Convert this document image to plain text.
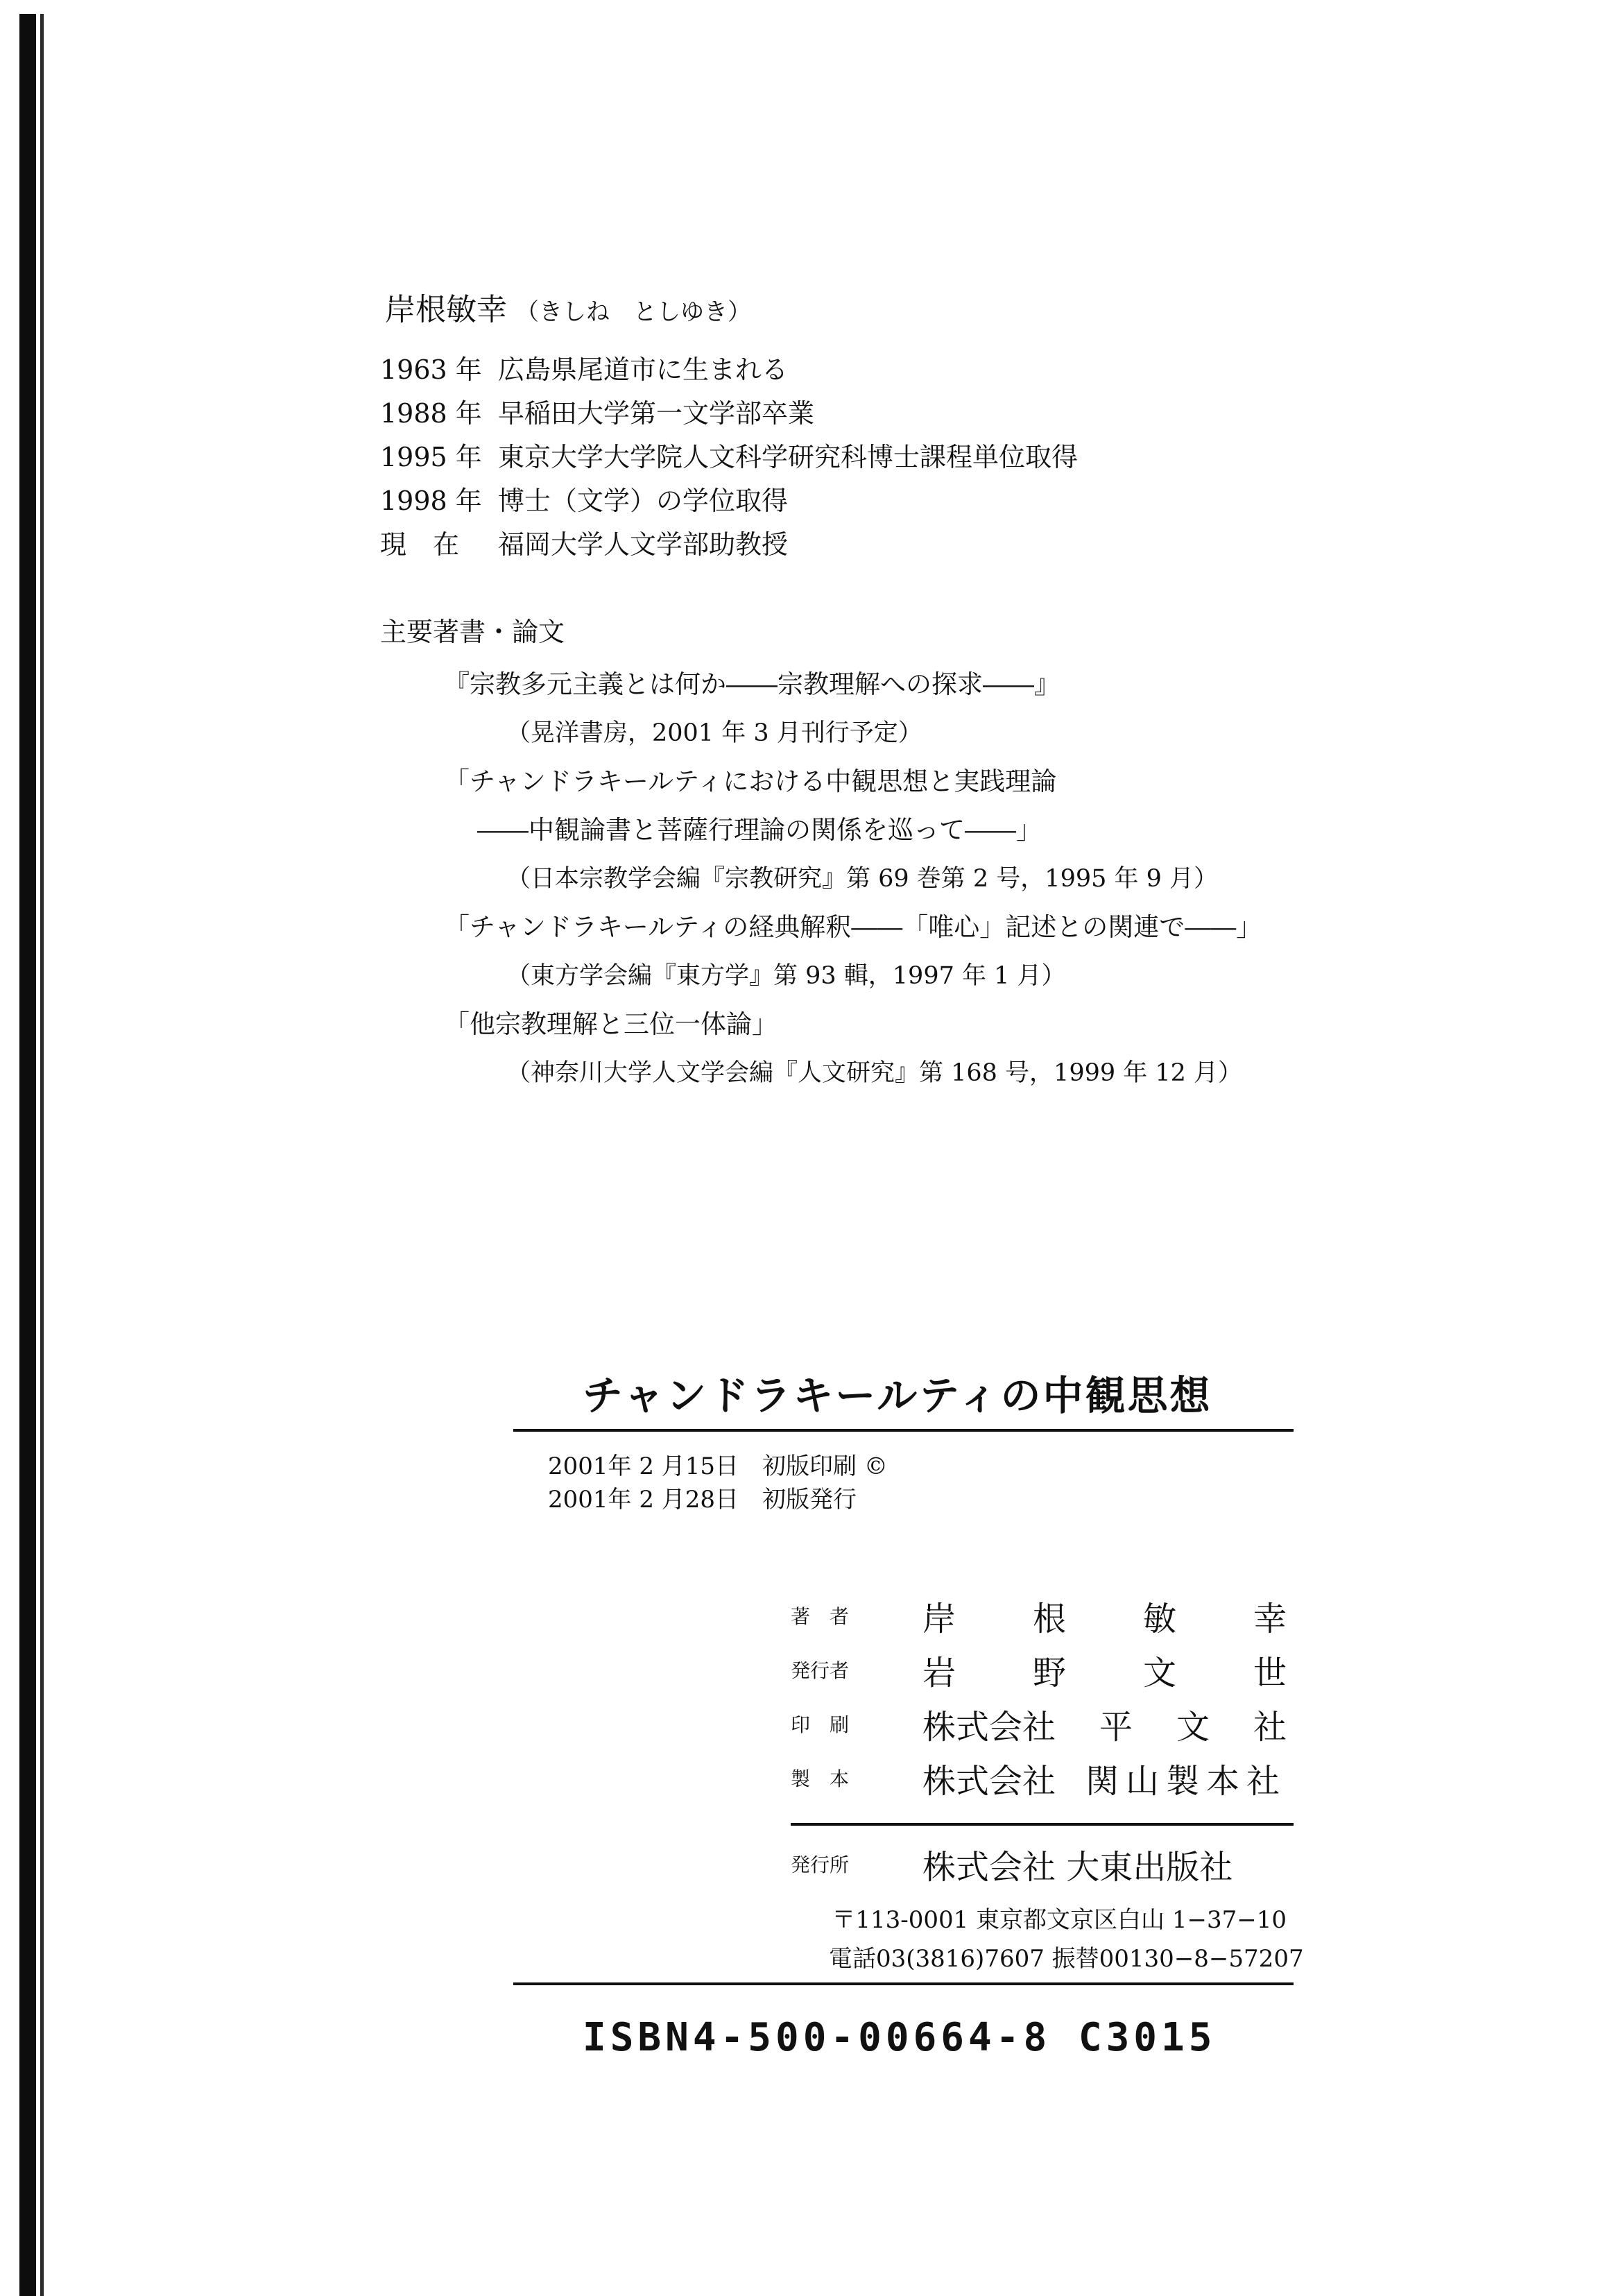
岸根敏幸 （きしね　としゆき）
1963 年 広島県尾道市に生まれる
1988 年 早稲田大学第一文学部卒業
1995 年 東京大学大学院人文科学研究科博士課程単位取得
1998 年 博士（文学）の学位取得
現　在	福岡大学人文学部助教授
主要著書・論文
『宗教多元主義とは何か――宗教理解への探求――』
（晃洋書房，2001 年 3 月刊行予定）
「チャンドラキールティにおける中観思想と実践理論
――中観論書と菩薩行理論の関係を巡って――」
（日本宗教学会編『宗教研究』第 69 巻第 2 号，1995 年 9 月）
「チャンドラキールティの経典解釈――「唯心」記述との関連で――」
（東方学会編『東方学』第 93 輯，1997 年 1 月）
「他宗教理解と三位一体論」
（神奈川大学人文学会編『人文研究』第 168 号，1999 年 12 月）
チャンドラキールティの中観思想
2001年 2 月15日　初版印刷 ©
2001年 2 月28日　初版発行
著　者	岸 根 敏 幸
発行者	岩 野 文 世
印　刷	株式会社 平 文 社
製　本	株式会社 関山製本社
発行所	株式会社 大東出版社
〒113-0001 東京都文京区白山 1−37−10
電話03(3816)7607 振替00130−8−57207
ISBN4-500-00664-8 C3015
